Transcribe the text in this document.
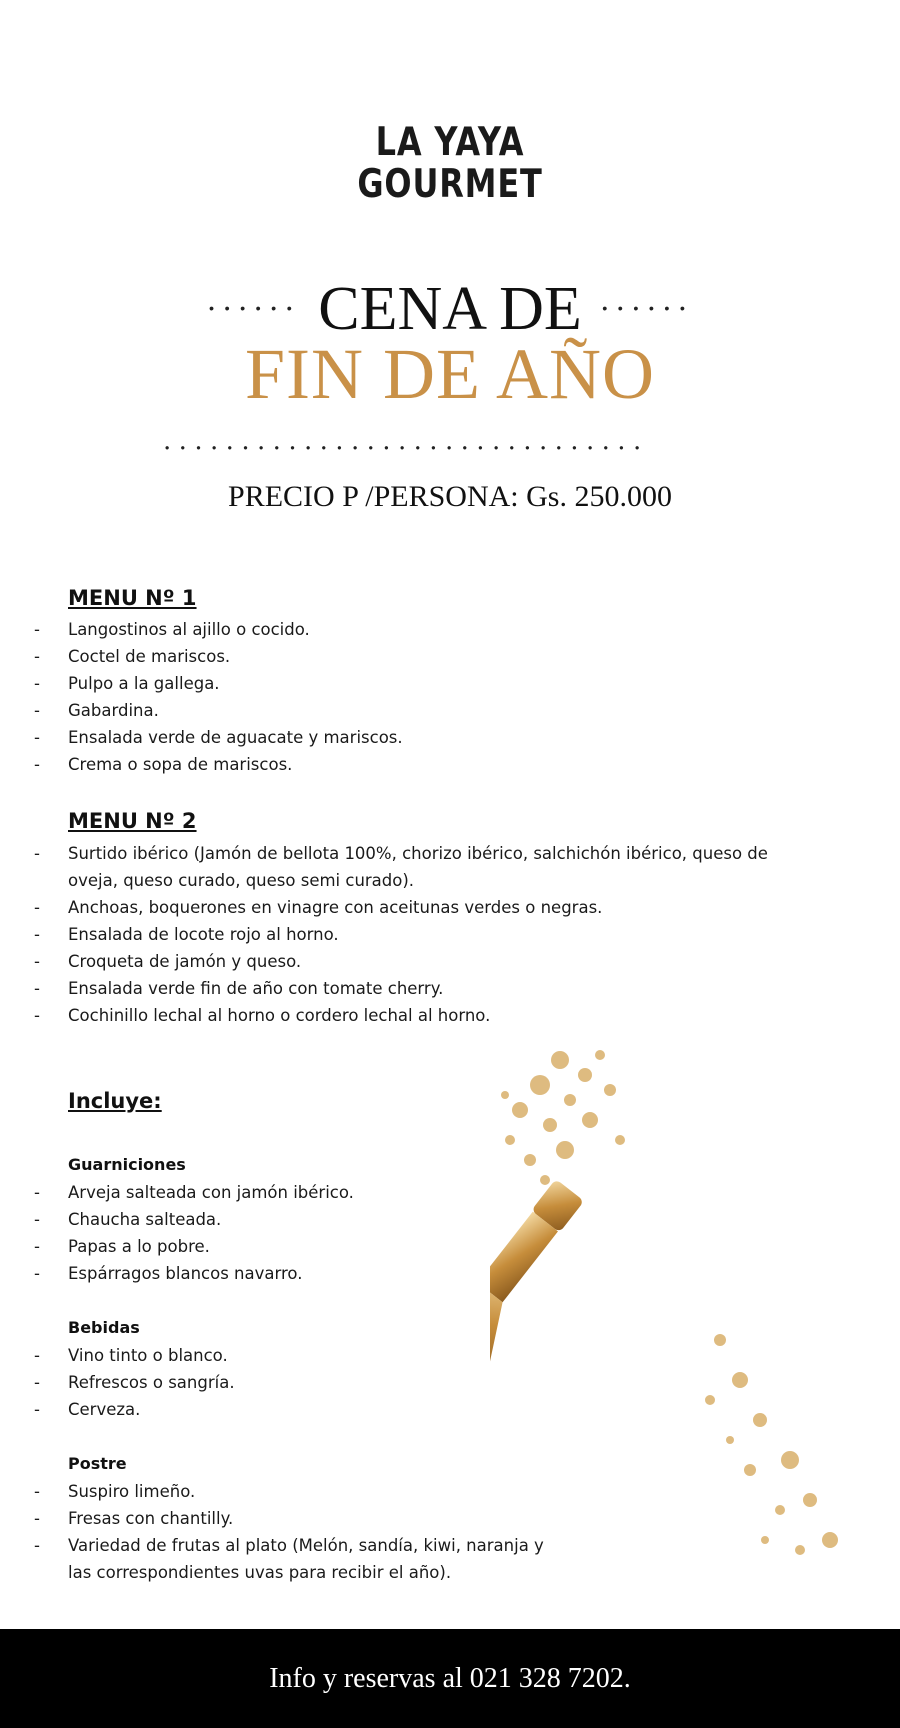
LA YAYA
GOURMET
......	......
CENA DE
FIN DE AÑO
...............................
PRECIO P /PERSONA: Gs. 250.000
MENU Nº 1
- Langostinos al ajillo o cocido.
- Coctel de mariscos.
- Pulpo a la gallega.
- Gabardina.
- Ensalada verde de aguacate y mariscos.
- Crema o sopa de mariscos.
MENU Nº 2
- Surtido ibérico (Jamón de bellota 100%, chorizo ibérico, salchichón ibérico, queso de oveja, queso curado, queso semi curado).
- Anchoas, boquerones en vinagre con aceitunas verdes o negras.
- Ensalada de locote rojo al horno.
- Croqueta de jamón y queso.
- Ensalada verde fin de año con tomate cherry.
- Cochinillo lechal al horno o cordero lechal al horno.
Incluye:
Guarniciones
- Arveja salteada con jamón ibérico.
- Chaucha salteada.
- Papas a lo pobre.
- Espárragos blancos navarro.
Bebidas
- Vino tinto o blanco.
- Refrescos o sangría.
- Cerveza.
Postre
- Suspiro limeño.
- Fresas con chantilly.
- Variedad de frutas al plato (Melón, sandía, kiwi, naranja y las correspondientes uvas para recibir el año).
Info y reservas al 021 328 7202.
